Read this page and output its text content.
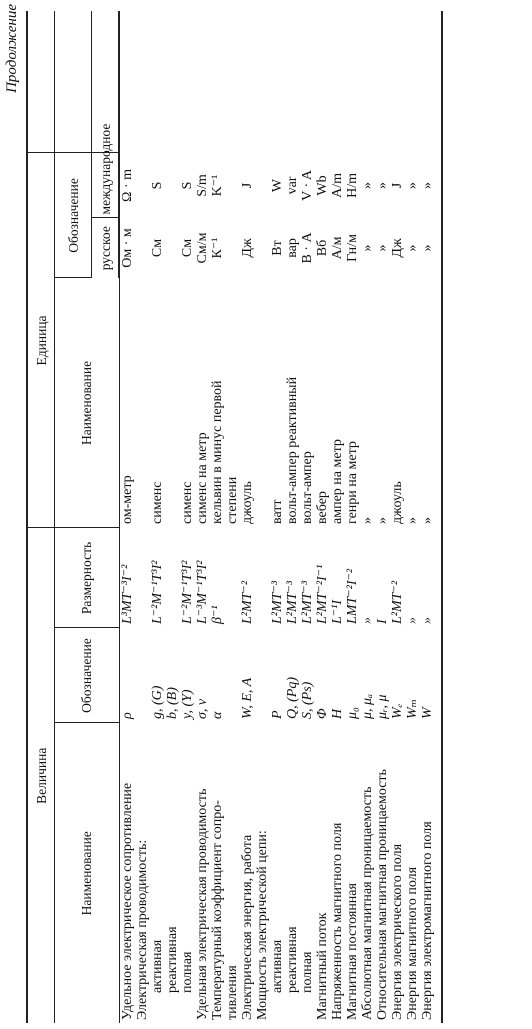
Продолжение
Величина			Единица			
Наименование	Обозначение	Размерность	Наименование	Обозначение		
				русское	международное	
Удельное электрическое сопротивление	ρ	L³MT⁻³I⁻²	ом-метр	Ом · м	Ω · m	
Электрическая проводимость:						
активная	g, (G)	L⁻²M⁻¹T³I²	сименс	См	S	
реактивная	b, (B)					
полная	y, (Y)	L⁻²M⁻¹T³I²	сименс	См	S	
Удельная электрическая проводимость	σ, ν	L⁻³M⁻¹T³I²	сименс на метр	См/м	S/m	
Температурный коэффициент сопро-	α	β⁻¹	кельвин в минус первой	К⁻¹	K⁻¹	
тивления			степени			
Электрическая энергия, работа	W, E, A	L²MT⁻²	джоуль	Дж	J	
Мощность электрической цепи:						
активная	P	L²MT⁻³	ватт	Вт	W	
реактивная	Q, (Pq)	L²MT⁻³	вольт-ампер реактивный	вар	var	
полная	S, (Ps)	L²MT⁻³	вольт-ампер	В · А	V · A	
Магнитный поток	Φ	L²MT⁻²I⁻¹	вебер	Вб	Wb	
Напряженность магнитного поля	H	L⁻¹I	ампер на метр	А/м	A/m	
Магнитная постоянная	μ₀	LMT⁻²I⁻²	генри на метр	Гн/м	H/m	
Абсолютная магнитная проницаемость	μ, μₐ	»	»	»	»	
Относительная магнитная проницаемость	μᵣ, μ	I	»	»	»	
Энергия электрического поля	Wₑ	L²MT⁻²	джоуль	Дж	J	
Энергия магнитного поля	Wₘ	»	»	»	»	
Энергия электромагнитного поля	W	»	»	»	»	
